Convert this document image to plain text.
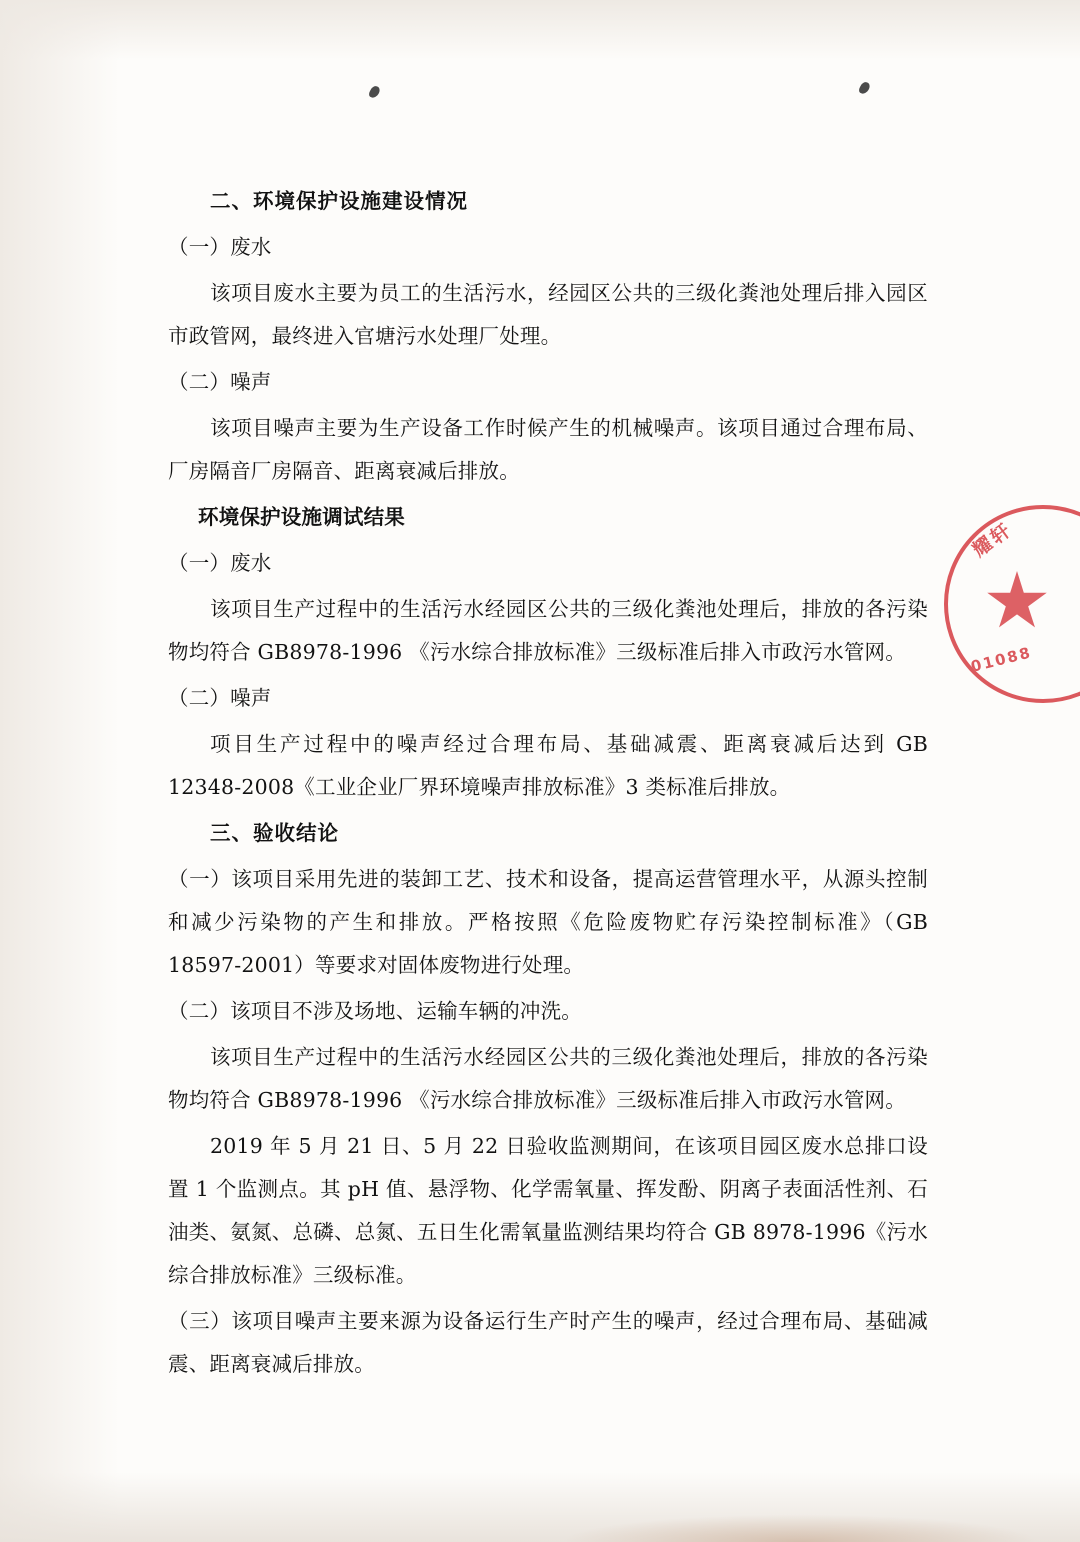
二、环境保护设施建设情况

（一）废水

该项目废水主要为员工的生活污水，经园区公共的三级化粪池处理后排入园区市政管网，最终进入官塘污水处理厂处理。

（二）噪声

该项目噪声主要为生产设备工作时候产生的机械噪声。该项目通过合理布局、厂房隔音厂房隔音、距离衰减后排放。

环境保护设施调试结果

（一）废水

该项目生产过程中的生活污水经园区公共的三级化粪池处理后，排放的各污染物均符合 GB8978-1996 《污水综合排放标准》三级标准后排入市政污水管网。

（二）噪声

项目生产过程中的噪声经过合理布局、基础减震、距离衰减后达到 GB 12348-2008《工业企业厂界环境噪声排放标准》3 类标准后排放。

三、验收结论

（一）该项目采用先进的装卸工艺、技术和设备，提高运营管理水平，从源头控制和减少污染物的产生和排放。严格按照《危险废物贮存污染控制标准》（GB 18597-2001）等要求对固体废物进行处理。

（二）该项目不涉及场地、运输车辆的冲洗。

该项目生产过程中的生活污水经园区公共的三级化粪池处理后，排放的各污染物均符合 GB8978-1996 《污水综合排放标准》三级标准后排入市政污水管网。

2019 年 5 月 21 日、5 月 22 日验收监测期间，在该项目园区废水总排口设置 1 个监测点。其 pH 值、悬浮物、化学需氧量、挥发酚、阴离子表面活性剂、石油类、氨氮、总磷、总氮、五日生化需氧量监测结果均符合 GB 8978-1996《污水综合排放标准》三级标准。

（三）该项目噪声主要来源为设备运行生产时产生的噪声，经过合理布局、基础减震、距离衰减后排放。

耀轩
001088
